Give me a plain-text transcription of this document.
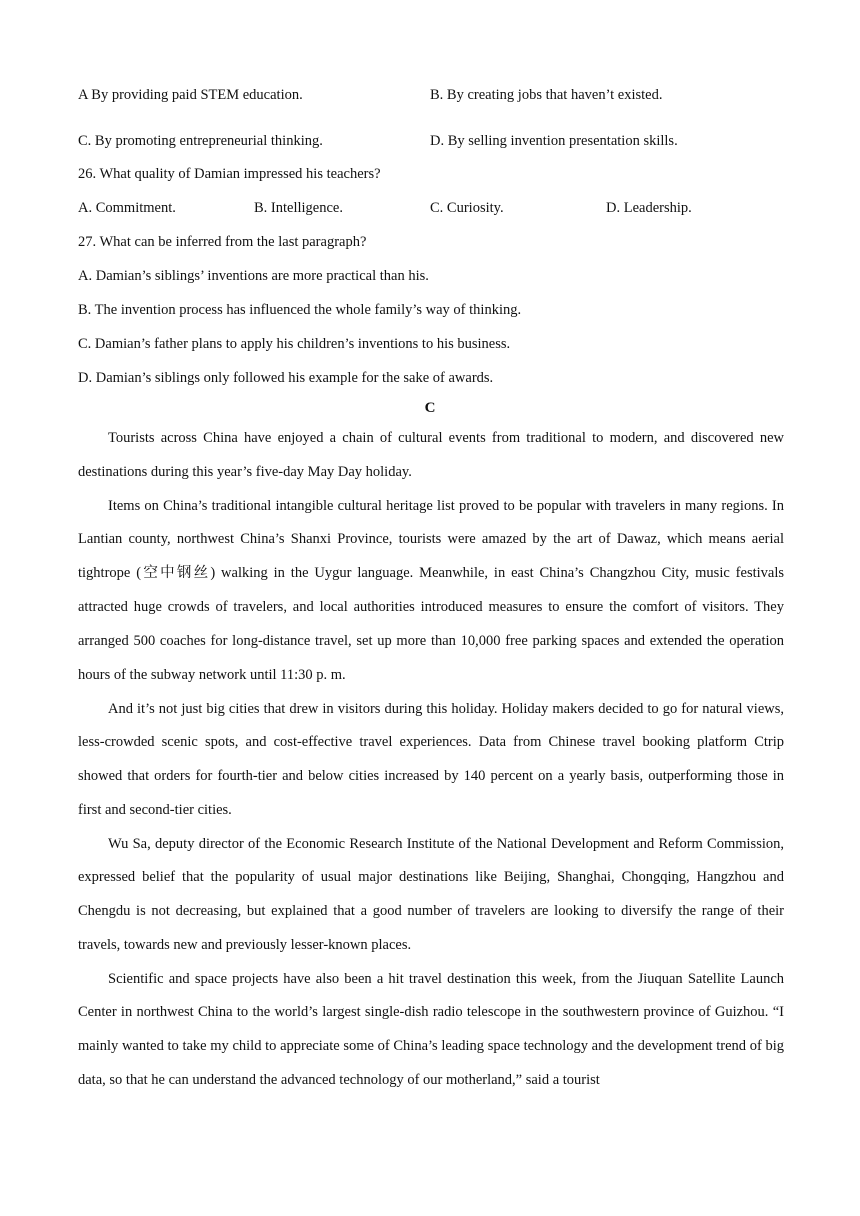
A By providing paid STEM education.	B. By creating jobs that haven’t existed.
C. By promoting entrepreneurial thinking.	D. By selling invention presentation skills.
26. What quality of Damian impressed his teachers?
A. Commitment.	B. Intelligence.	C. Curiosity.	D. Leadership.
27. What can be inferred from the last paragraph?
A. Damian’s siblings’ inventions are more practical than his.
B. The invention process has influenced the whole family’s way of thinking.
C. Damian’s father plans to apply his children’s inventions to his business.
D. Damian’s siblings only followed his example for the sake of awards.
C

Tourists across China have enjoyed a chain of cultural events from traditional to modern, and discovered new destinations during this year’s five-day May Day holiday.

Items on China’s traditional intangible cultural heritage list proved to be popular with travelers in many regions. In Lantian county, northwest China’s Shanxi Province, tourists were amazed by the art of Dawaz, which means aerial tightrope (空中钢丝) walking in the Uygur language. Meanwhile, in east China’s Changzhou City, music festivals attracted huge crowds of travelers, and local authorities introduced measures to ensure the comfort of visitors. They arranged 500 coaches for long-distance travel, set up more than 10,000 free parking spaces and extended the operation hours of the subway network until 11:30 p. m.

And it’s not just big cities that drew in visitors during this holiday. Holiday makers decided to go for natural views, less-crowded scenic spots, and cost-effective travel experiences. Data from Chinese travel booking platform Ctrip showed that orders for fourth-tier and below cities increased by 140 percent on a yearly basis, outperforming those in first and second-tier cities.

Wu Sa, deputy director of the Economic Research Institute of the National Development and Reform Commission, expressed belief that the popularity of usual major destinations like Beijing, Shanghai, Chongqing, Hangzhou and Chengdu is not decreasing, but explained that a good number of travelers are looking to diversify the range of their travels, towards new and previously lesser-known places.

Scientific and space projects have also been a hit travel destination this week, from the Jiuquan Satellite Launch Center in northwest China to the world’s largest single-dish radio telescope in the southwestern province of Guizhou. “I mainly wanted to take my child to appreciate some of China’s leading space technology and the development trend of big data, so that he can understand the advanced technology of our motherland,” said a tourist
